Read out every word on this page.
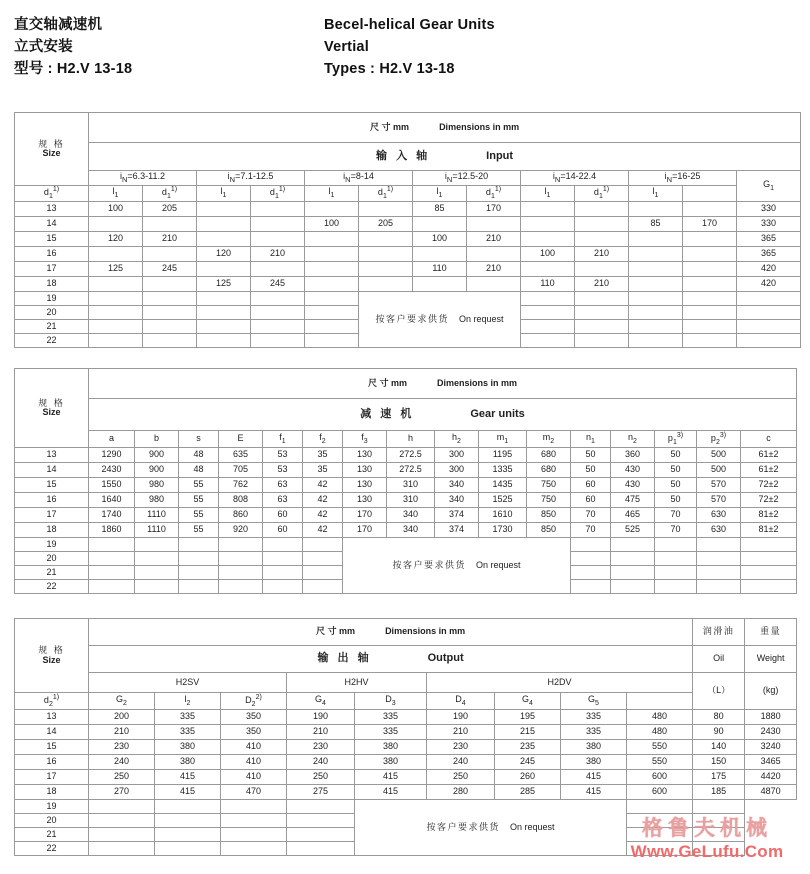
直交轴减速机
立式安装
型号 : H2.V 13-18
Becel-helical Gear Units
Vertial
Types : H2.V 13-18
规 格
Size

尺 寸 mm	Dimensions in mm

	输 入 轴 Input												

	$i_N=6.3-11.2$		$i_N=7.1-12.5$		$i_N=8-14$		$i_N=12.5-20$		$i_N=14-22.4$		$i_N=16-25$		$G_1$
$d_1^{1)}$	$l_1$	$d_1^{1)}$	$l_1$	$d_1^{1)}$	$l_1$	$d_1^{1)}$	$l_1$	$d_1^{1)}$	$l_1$	$d_1^{1)}$	$l_1$
13	100	205					85	170					330
14					100	205					85	170	330
15	120	210					100	210					365
16			120	210					100	210			365
17	125	245					110	210					420
18			125	245					110	210			420
19						按客户要求供货 On request							
20													
21													
22													
规 格
Size

尺 寸 mm	Dimensions in mm

	减 速 机 Gear units															

	a	b	s	E	$f_1$	$f_2$	$f_3$	h	$h_2$	$m_1$	$m_2$	$n_1$	$n_2$	$p_1^{3)}$	$p_2^{3)}$	c
13	1290	900	48	635	53	35	130	272.5	300	1195	680	50	360	50	500	61±2
14	2430	900	48	705	53	35	130	272.5	300	1335	680	50	430	50	500	61±2
15	1550	980	55	762	63	42	130	310	340	1435	750	60	430	50	570	72±2
16	1640	980	55	808	63	42	130	310	340	1525	750	60	475	50	570	72±2
17	1740	1110	55	860	60	42	170	340	374	1610	850	70	465	70	630	81±2
18	1860	1110	55	920	60	42	170	340	374	1730	850	70	525	70	630	81±2
19							按客户要求供货 On request									
20																
21																
22																
规 格
Size

尺 寸 mm	Dimensions in mm	润滑油	重量

	输 出 轴 Output									Oil	Weight
	H2SV			H2HV		H2DV				（L）	(kg)
$d_2^{1)}$	$G_2$	$l_2$	$D_2^{2)}$	$G_4$	$D_3$	$D_4$	$G_4$	$G_5$
13	200	335	350	190	335	190	195	335	480	80	1880
14	210	335	350	210	335	210	215	335	480	90	2430
15	230	380	410	230	380	230	235	380	550	140	3240
16	240	380	410	240	380	240	245	380	550	150	3465
17	250	415	410	250	415	250	260	415	600	175	4420
18	270	415	470	275	415	280	285	415	600	185	4870
19					按客户要求供货 On request						
20											
21											
22											
格鲁夫机械
Www.GeLufu.Com
